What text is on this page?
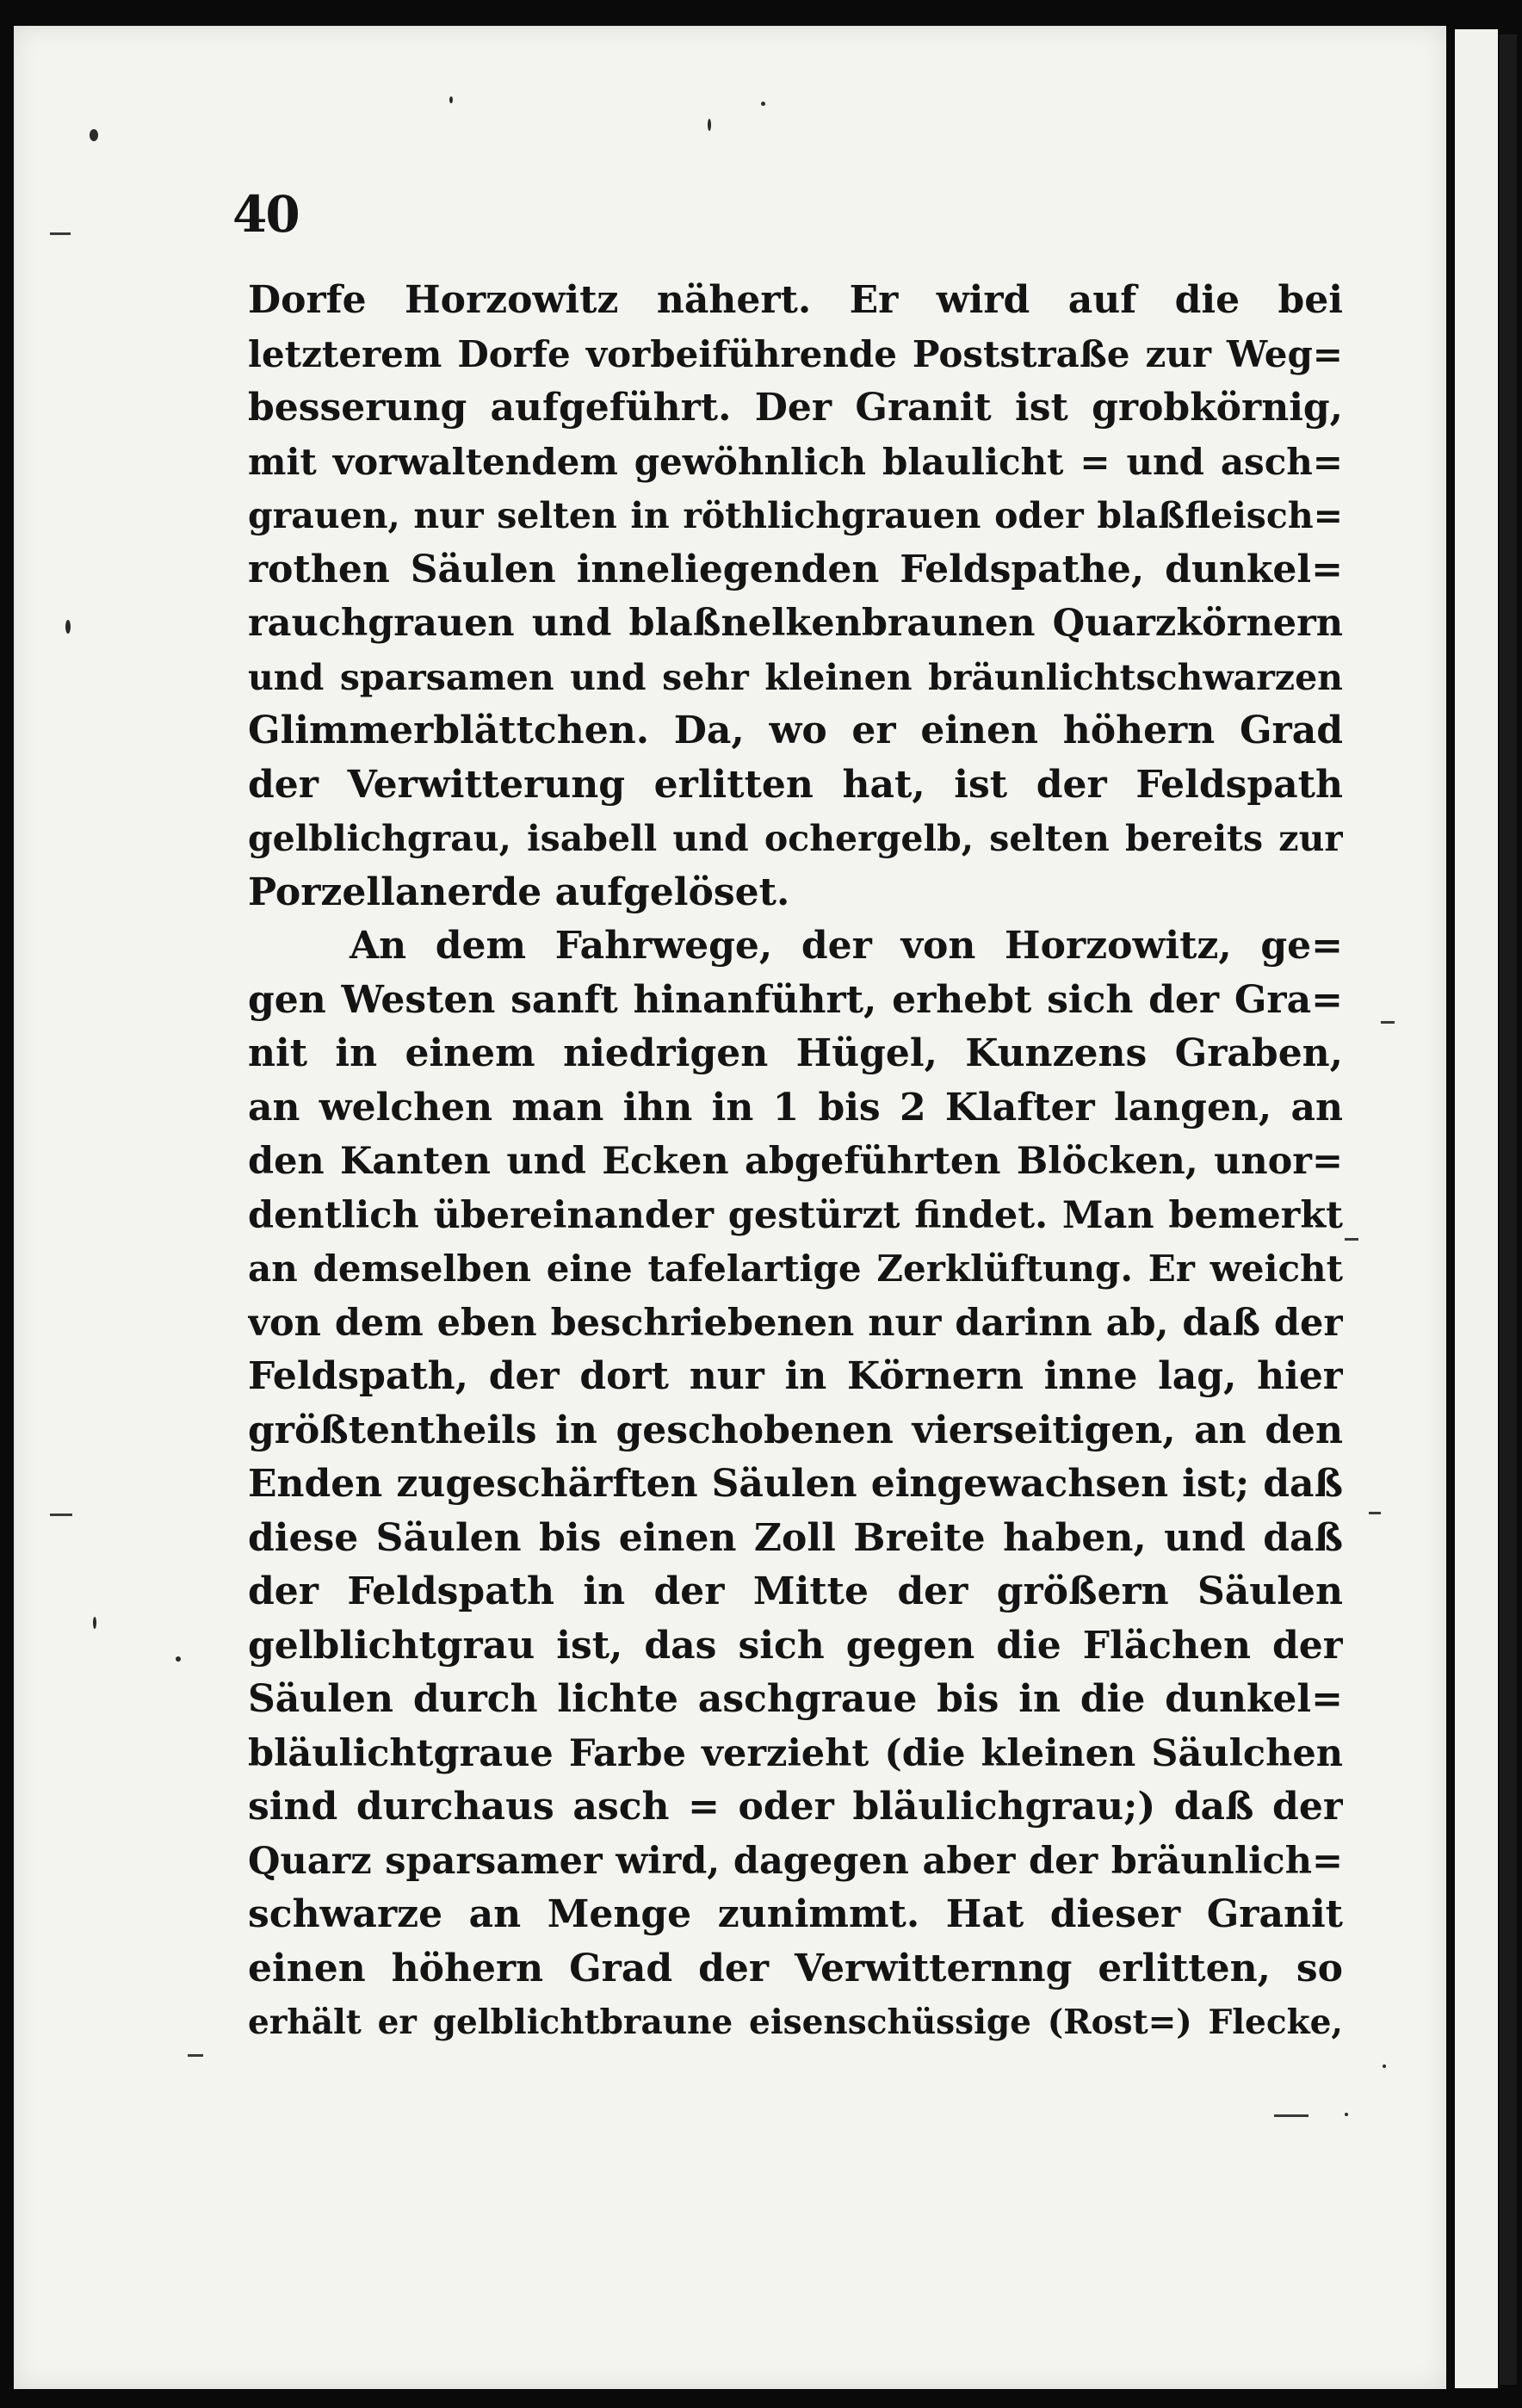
40
Dorfe Horzowitz nähert. Er wird auf die bei
letzterem Dorfe vorbeiführende Poststraße zur Weg=
besserung aufgeführt. Der Granit ist grobkörnig,
mit vorwaltendem gewöhnlich blaulicht = und asch=
grauen, nur selten in röthlichgrauen oder blaßfleisch=
rothen Säulen inneliegenden Feldspathe, dunkel=
rauchgrauen und blaßnelkenbraunen Quarzkörnern
und sparsamen und sehr kleinen bräunlichtschwarzen
Glimmerblättchen. Da, wo er einen höhern Grad
der Verwitterung erlitten hat, ist der Feldspath
gelblichgrau, isabell und ochergelb, selten bereits zur
Porzellanerde aufgelöset.
An dem Fahrwege, der von Horzowitz, ge=
gen Westen sanft hinanführt, erhebt sich der Gra=
nit in einem niedrigen Hügel, Kunzens Graben,
an welchen man ihn in 1 bis 2 Klafter langen, an
den Kanten und Ecken abgeführten Blöcken, unor=
dentlich übereinander gestürzt findet. Man bemerkt
an demselben eine tafelartige Zerklüftung. Er weicht
von dem eben beschriebenen nur darinn ab, daß der
Feldspath, der dort nur in Körnern inne lag, hier
größtentheils in geschobenen vierseitigen, an den
Enden zugeschärften Säulen eingewachsen ist; daß
diese Säulen bis einen Zoll Breite haben, und daß
der Feldspath in der Mitte der größern Säulen
gelblichtgrau ist, das sich gegen die Flächen der
Säulen durch lichte aschgraue bis in die dunkel=
bläulichtgraue Farbe verzieht (die kleinen Säulchen
sind durchaus asch = oder bläulichgrau;) daß der
Quarz sparsamer wird, dagegen aber der bräunlich=
schwarze an Menge zunimmt. Hat dieser Granit
einen höhern Grad der Verwitternng erlitten, so
erhält er gelblichtbraune eisenschüssige (Rost=) Flecke,
